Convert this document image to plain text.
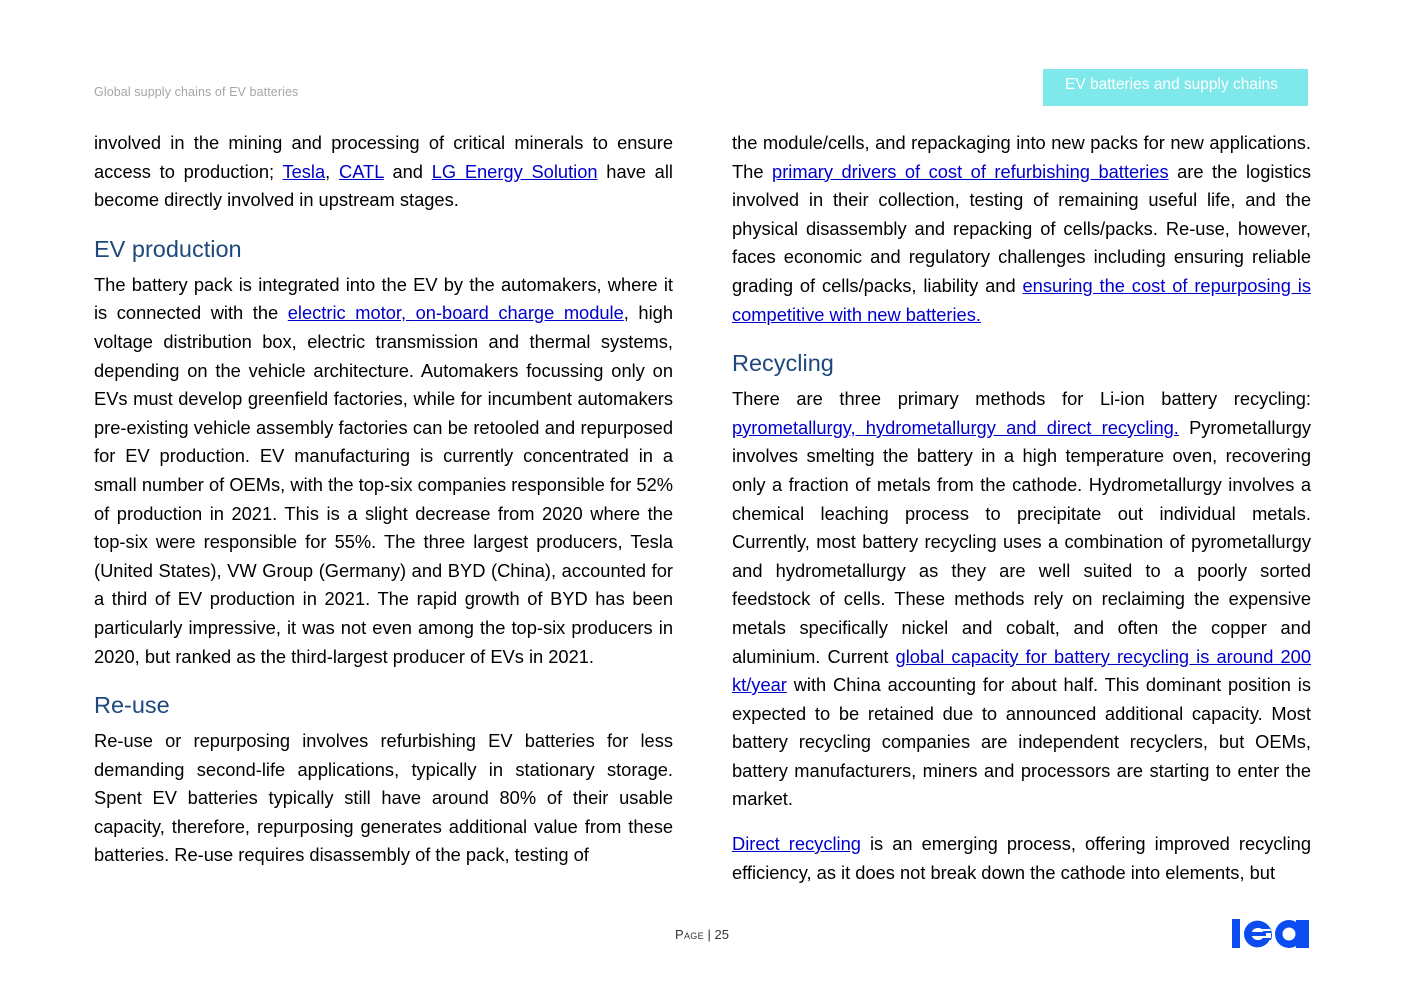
Global supply chains of EV batteries	EV batteries and supply chains

involved in the mining and processing of critical minerals to ensure access to production; Tesla, CATL and LG Energy Solution have all become directly involved in upstream stages.

EV production

The battery pack is integrated into the EV by the automakers, where it is connected with the electric motor, on-board charge module, high voltage distribution box, electric transmission and thermal systems, depending on the vehicle architecture. Automakers focussing only on EVs must develop greenfield factories, while for incumbent automakers pre-existing vehicle assembly factories can be retooled and repurposed for EV production. EV manufacturing is currently concentrated in a small number of OEMs, with the top-six companies responsible for 52% of production in 2021. This is a slight decrease from 2020 where the top-six were responsible for 55%. The three largest producers, Tesla (United States), VW Group (Germany) and BYD (China), accounted for a third of EV production in 2021. The rapid growth of BYD has been particularly impressive, it was not even among the top-six producers in 2020, but ranked as the third-largest producer of EVs in 2021.

Re-use

Re-use or repurposing involves refurbishing EV batteries for less demanding second-life applications, typically in stationary storage. Spent EV batteries typically still have around 80% of their usable capacity, therefore, repurposing generates additional value from these batteries. Re-use requires disassembly of the pack, testing of

the module/cells, and repackaging into new packs for new applications. The primary drivers of cost of refurbishing batteries are the logistics involved in their collection, testing of remaining useful life, and the physical disassembly and repacking of cells/packs. Re-use, however, faces economic and regulatory challenges including ensuring reliable grading of cells/packs, liability and ensuring the cost of repurposing is competitive with new batteries.

Recycling

There are three primary methods for Li-ion battery recycling: pyrometallurgy, hydrometallurgy and direct recycling. Pyrometallurgy involves smelting the battery in a high temperature oven, recovering only a fraction of metals from the cathode. Hydrometallurgy involves a chemical leaching process to precipitate out individual metals. Currently, most battery recycling uses a combination of pyrometallurgy and hydrometallurgy as they are well suited to a poorly sorted feedstock of cells. These methods rely on reclaiming the expensive metals specifically nickel and cobalt, and often the copper and aluminium. Current global capacity for battery recycling is around 200 kt/year with China accounting for about half. This dominant position is expected to be retained due to announced additional capacity. Most battery recycling companies are independent recyclers, but OEMs, battery manufacturers, miners and processors are starting to enter the market.

Direct recycling is an emerging process, offering improved recycling efficiency, as it does not break down the cathode into elements, but

Page | 25
